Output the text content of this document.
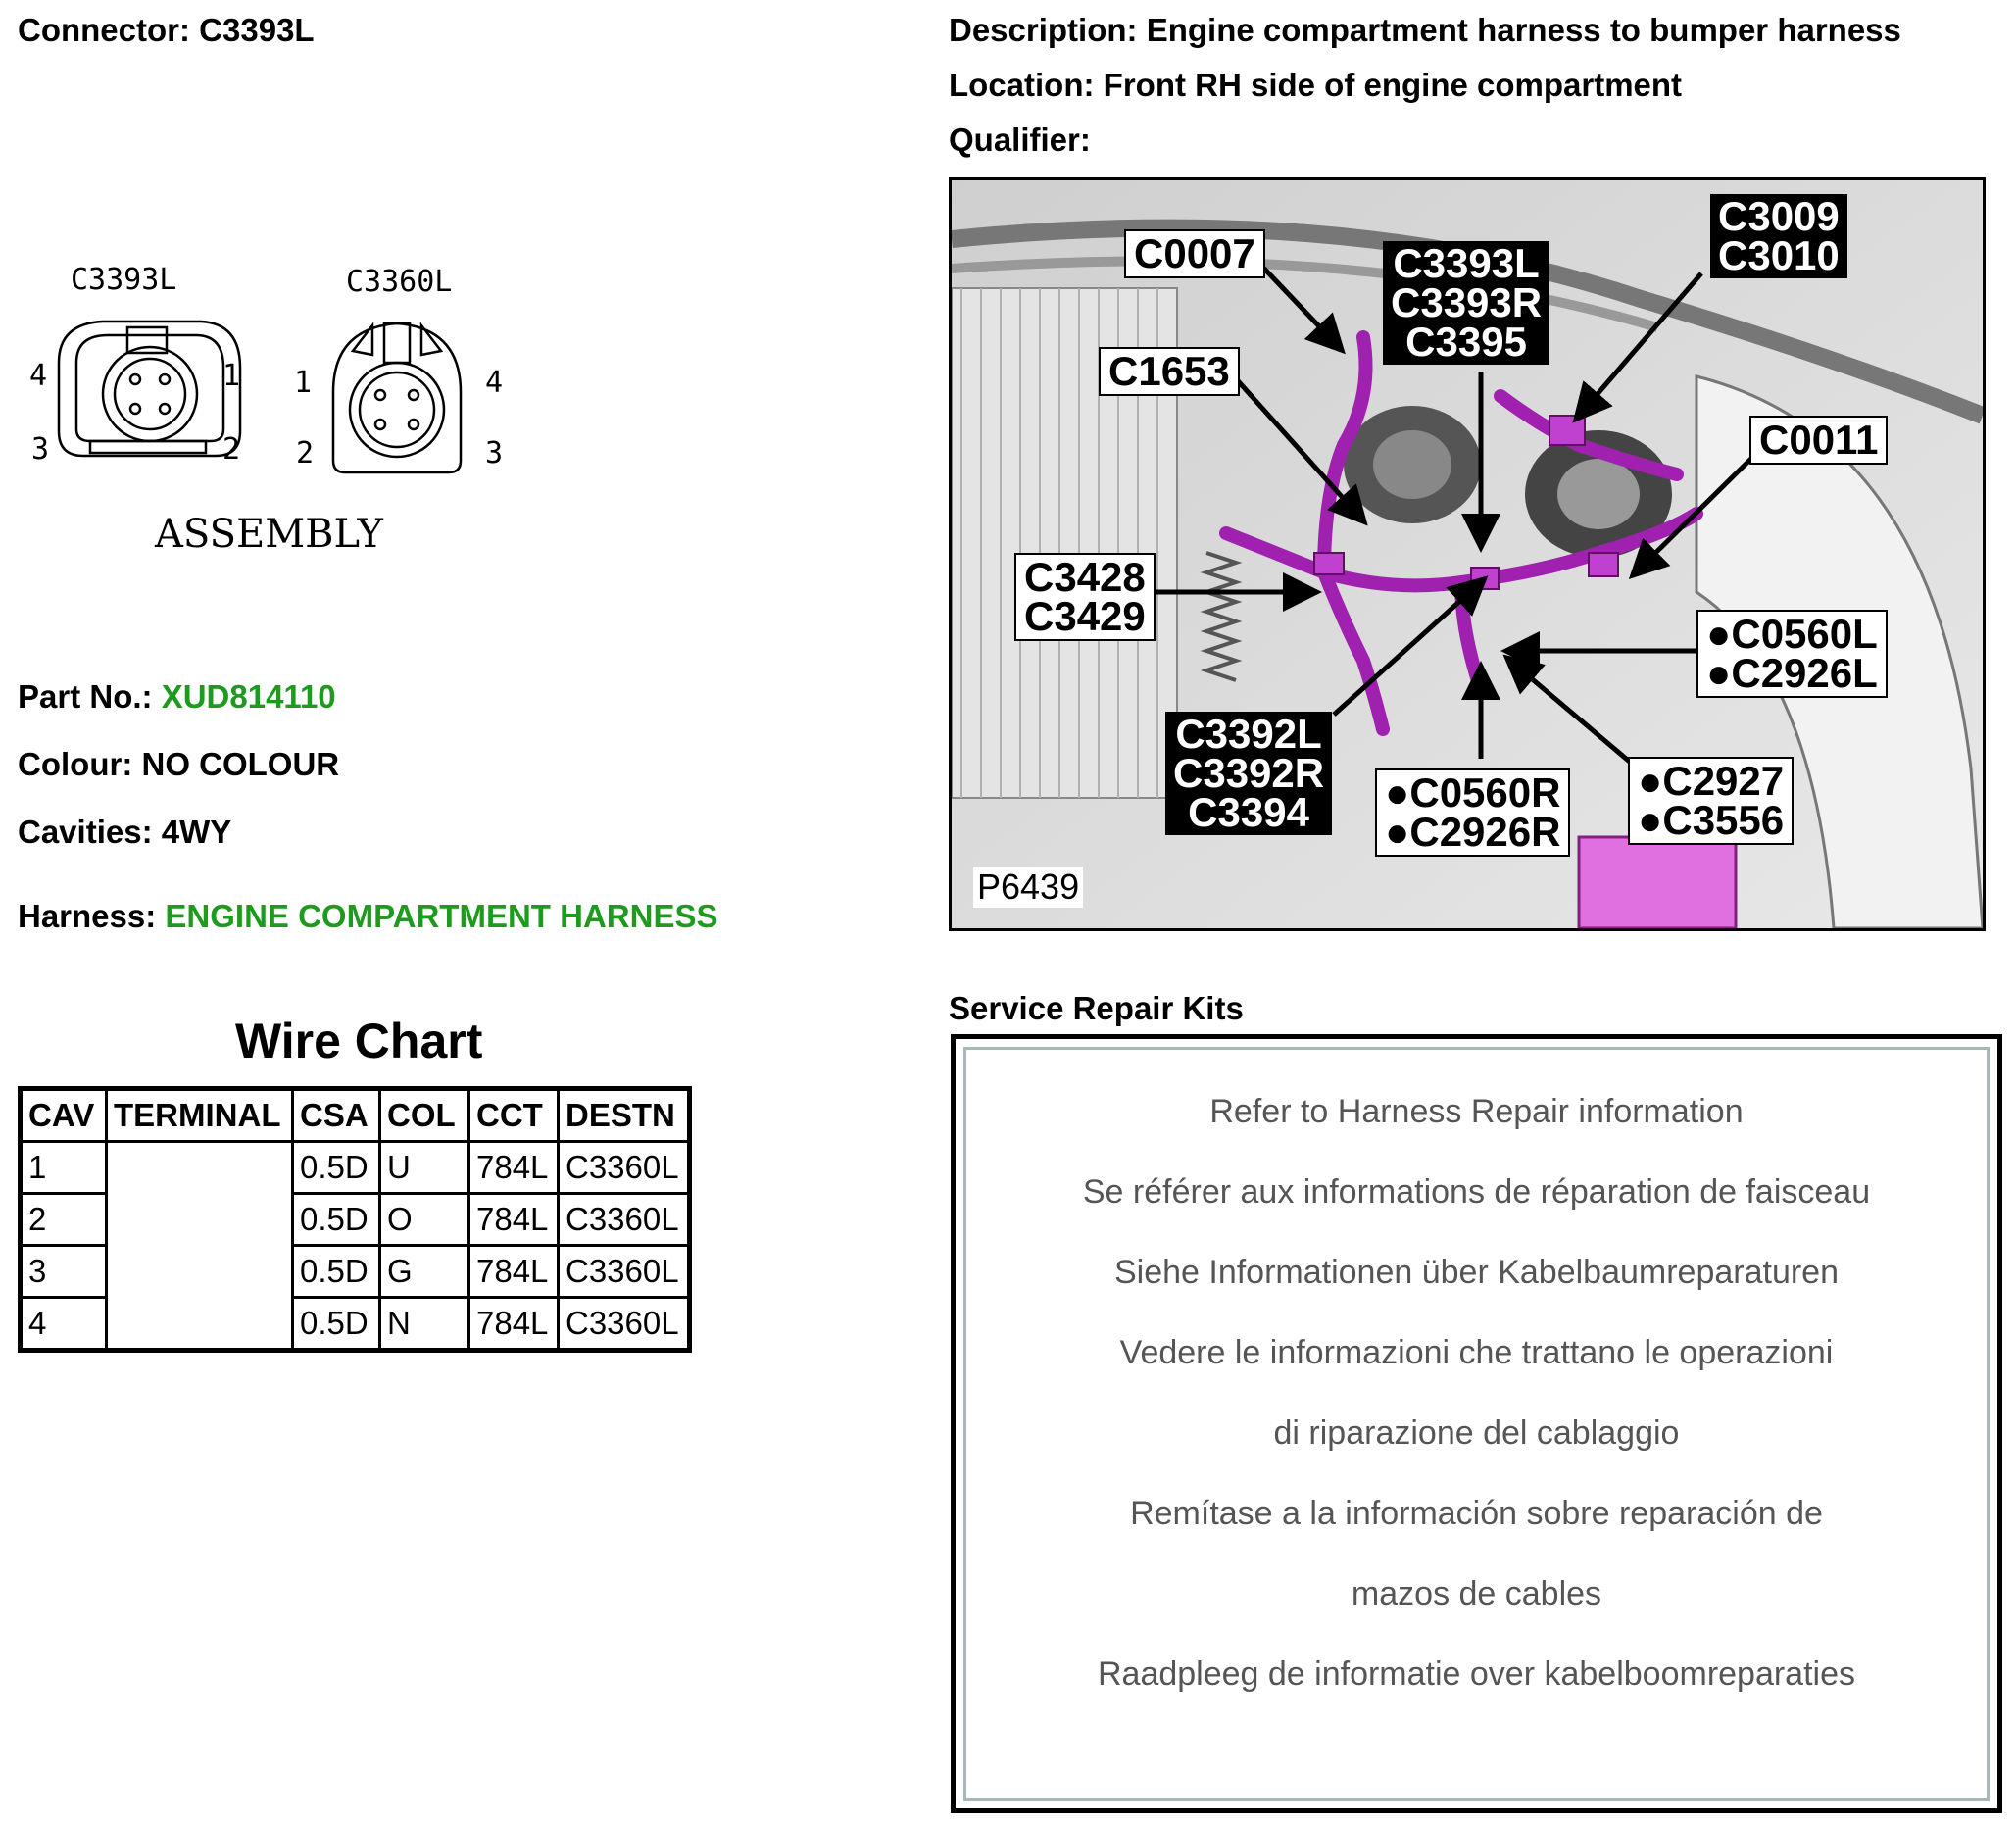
Connector: C3393L
C3393L	C3360L
4
3
1
2
1
2
4
3
ASSEMBLY
Part No.: XUD814110
Colour: NO COLOUR
Cavities: 4WY
Harness: ENGINE COMPARTMENT HARNESS
Wire Chart
CAV	TERMINAL	CSA	COL	CCT	DESTN
1		0.5D	U	784L	C3360L
2		0.5D	O	784L	C3360L
3		0.5D	G	784L	C3360L
4		0.5D	N	784L	C3360L
Description: Engine compartment harness to bumper harness
Location: Front RH side of engine compartment
Qualifier:
C0007	C3393L
C3393R
C3395
C3009
C3010
C1653
C0011
C3428
C3429	●C0560L
●C2926L
C3392L
C3392R
C3394	●C0560R
●C2926R
●C2927
●C3556
P6439
Service Repair Kits
Refer to Harness Repair information
Se référer aux informations de réparation de faisceau
Siehe Informationen über Kabelbaumreparaturen
Vedere le informazioni che trattano le operazioni
di riparazione del cablaggio
Remítase a la información sobre reparación de
mazos de cables
Raadpleeg de informatie over kabelboomreparaties
